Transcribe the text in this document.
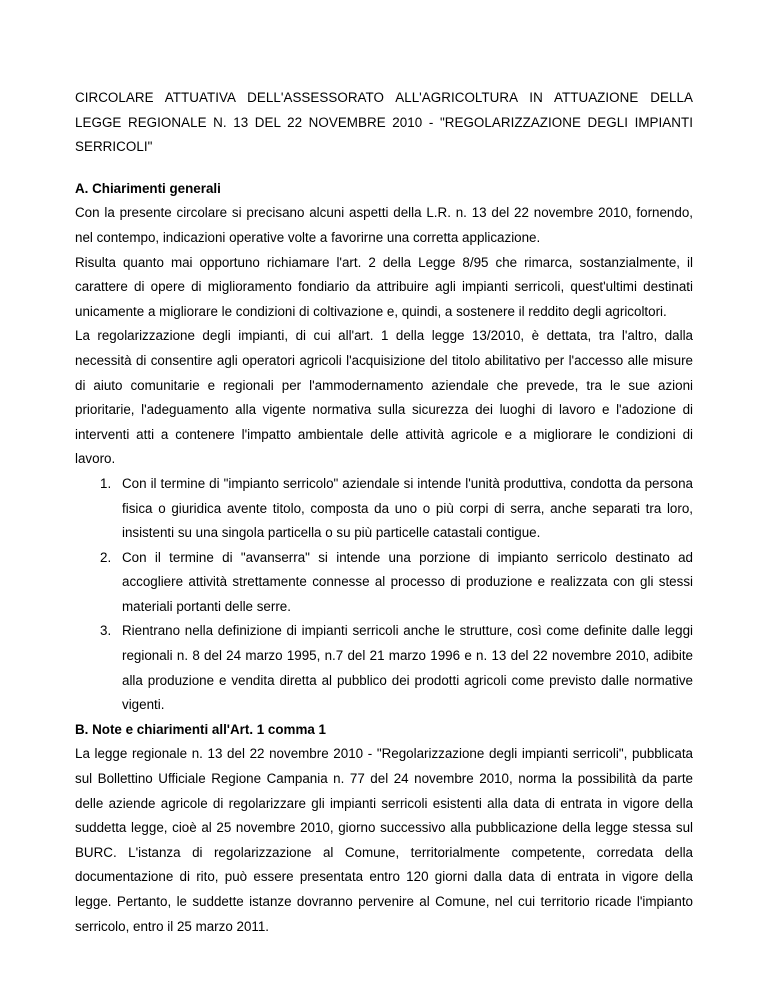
CIRCOLARE ATTUATIVA DELL'ASSESSORATO ALL'AGRICOLTURA IN ATTUAZIONE DELLA LEGGE REGIONALE N. 13 DEL 22 NOVEMBRE 2010 - "REGOLARIZZAZIONE DEGLI IMPIANTI SERRICOLI"

A. Chiarimenti generali

Con la presente circolare si precisano alcuni aspetti della L.R. n. 13 del 22 novembre 2010, fornendo, nel contempo, indicazioni operative volte a favorirne una corretta applicazione.

Risulta quanto mai opportuno richiamare l'art. 2 della Legge 8/95 che rimarca, sostanzialmente, il carattere di opere di miglioramento fondiario da attribuire agli impianti serricoli, quest'ultimi destinati unicamente a migliorare le condizioni di coltivazione e, quindi, a sostenere il reddito degli agricoltori.

La regolarizzazione degli impianti, di cui all'art. 1 della legge 13/2010, è dettata, tra l'altro, dalla necessità di consentire agli operatori agricoli l'acquisizione del titolo abilitativo per l'accesso alle misure di aiuto comunitarie e regionali per l'ammodernamento aziendale che prevede, tra le sue azioni prioritarie, l'adeguamento alla vigente normativa sulla sicurezza dei luoghi di lavoro e l'adozione di interventi atti a contenere l'impatto ambientale delle attività agricole e a migliorare le condizioni di lavoro.

1. Con il termine di "impianto serricolo" aziendale si intende l'unità produttiva, condotta da persona fisica o giuridica avente titolo, composta da uno o più corpi di serra, anche separati tra loro, insistenti su una singola particella o su più particelle catastali contigue.
2. Con il termine di "avanserra" si intende una porzione di impianto serricolo destinato ad accogliere attività strettamente connesse al processo di produzione e realizzata con gli stessi materiali portanti delle serre.
3. Rientrano nella definizione di impianti serricoli anche le strutture, così come definite dalle leggi regionali n. 8 del 24 marzo 1995, n.7 del 21 marzo 1996 e n. 13 del 22 novembre 2010, adibite alla produzione e vendita diretta al pubblico dei prodotti agricoli come previsto dalle normative vigenti.

B. Note e chiarimenti all'Art. 1 comma 1

La legge regionale n. 13 del 22 novembre 2010 - "Regolarizzazione degli impianti serricoli", pubblicata sul Bollettino Ufficiale Regione Campania n. 77 del 24 novembre 2010, norma la possibilità da parte delle aziende agricole di regolarizzare gli impianti serricoli esistenti alla data di entrata in vigore della suddetta legge, cioè al 25 novembre 2010, giorno successivo alla pubblicazione della legge stessa sul BURC. L'istanza di regolarizzazione al Comune, territorialmente competente, corredata della documentazione di rito, può essere presentata entro 120 giorni dalla data di entrata in vigore della legge. Pertanto, le suddette istanze dovranno pervenire al Comune, nel cui territorio ricade l'impianto serricolo, entro il 25 marzo 2011.
